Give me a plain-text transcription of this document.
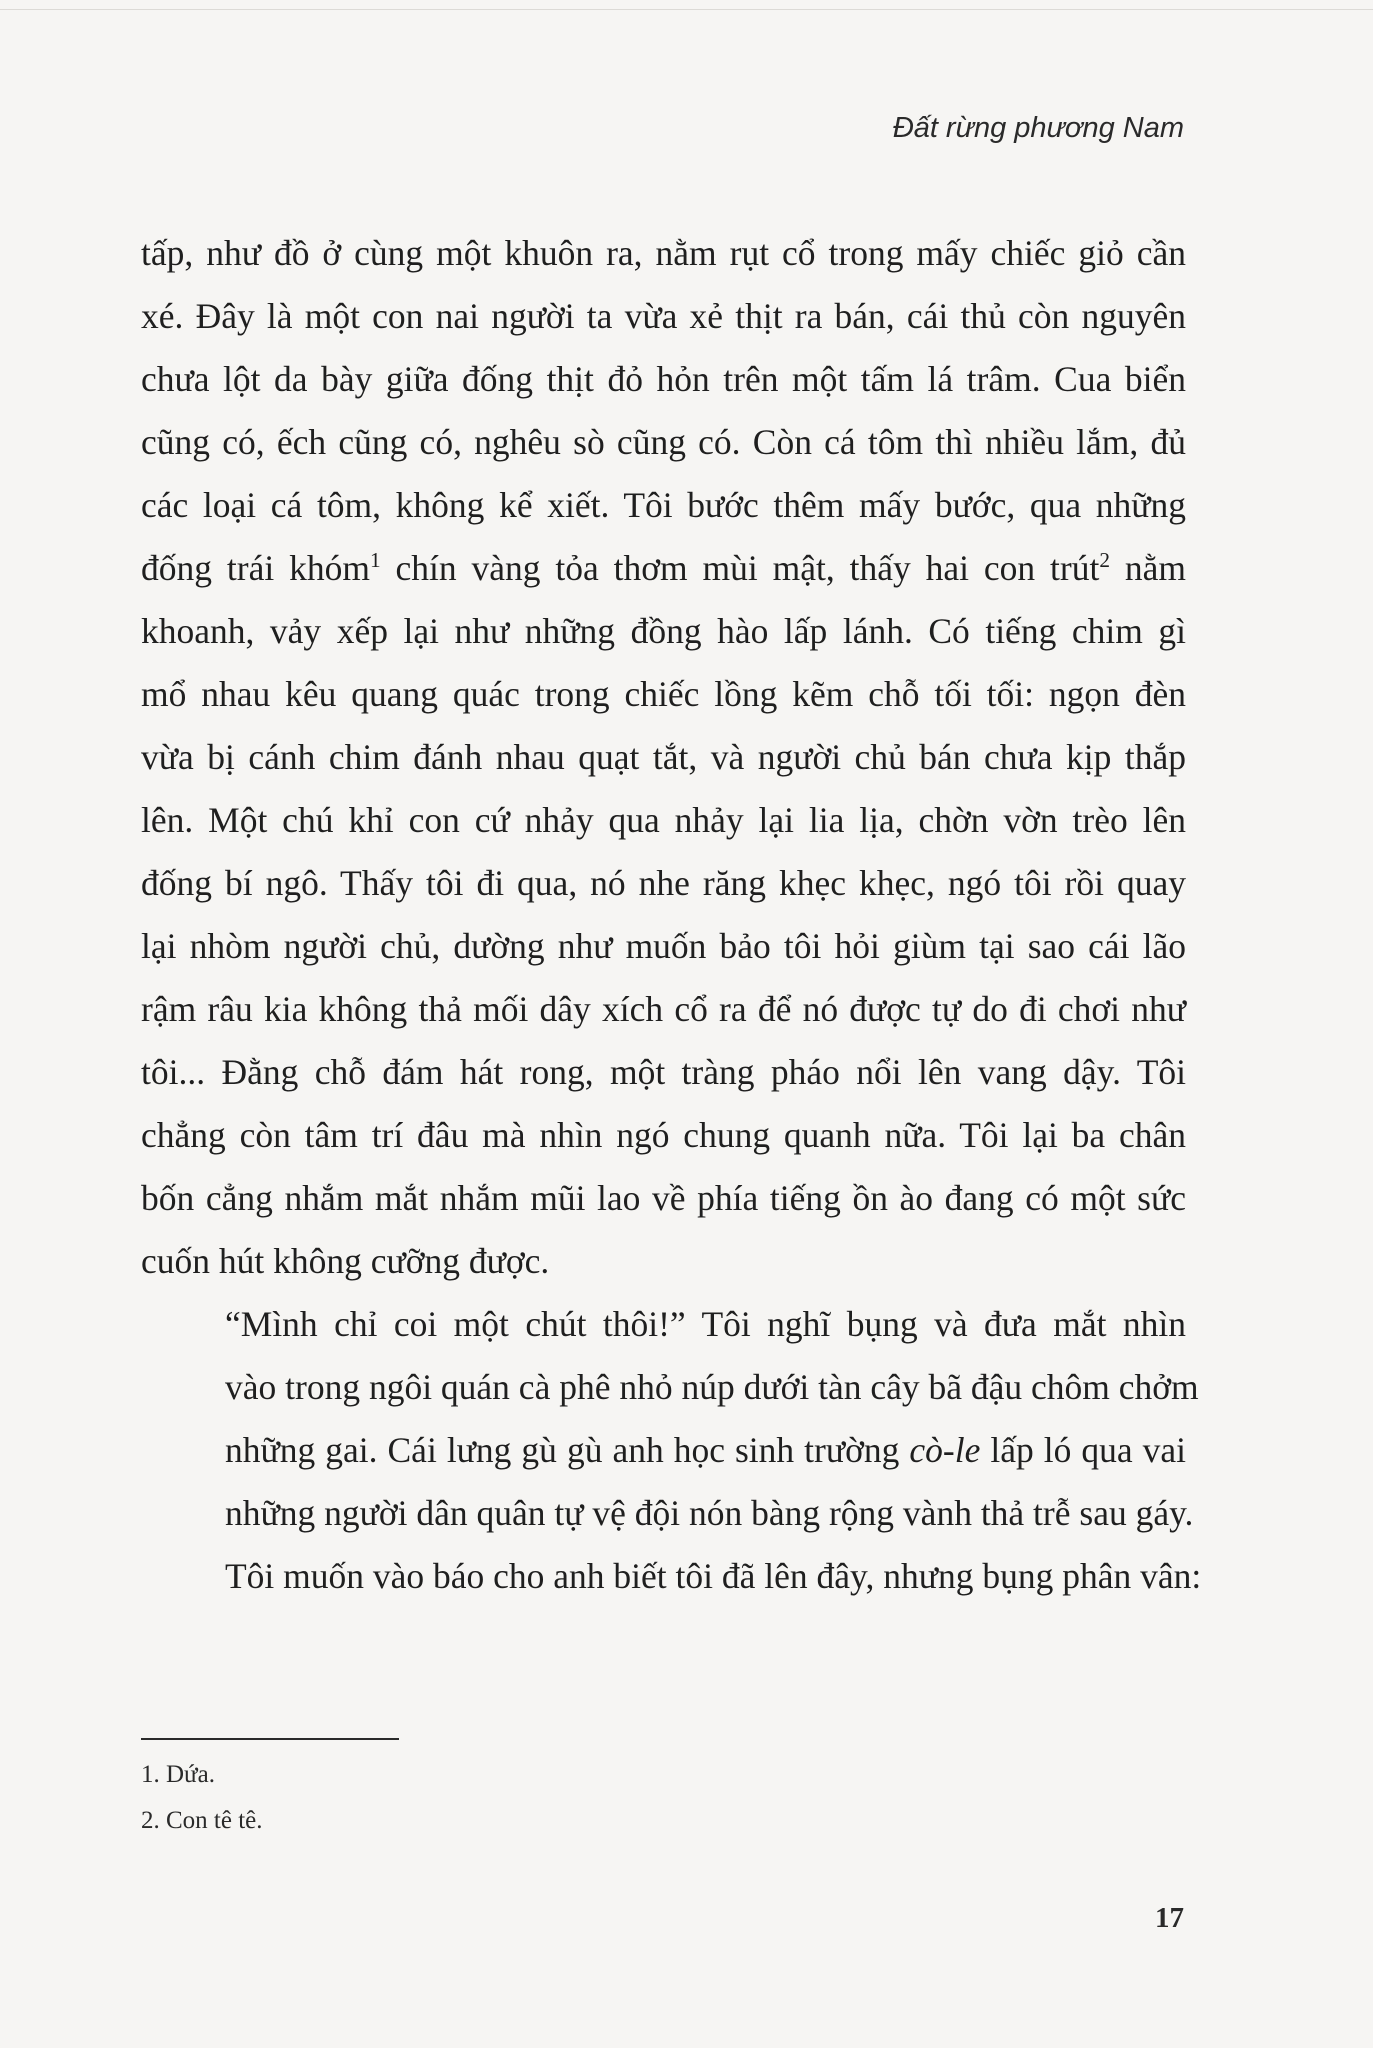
Đất rừng phương Nam

tấp, như đồ ở cùng một khuôn ra, nằm rụt cổ trong mấy chiếc giỏ cần
xé. Đây là một con nai người ta vừa xẻ thịt ra bán, cái thủ còn nguyên
chưa lột da bày giữa đống thịt đỏ hỏn trên một tấm lá trâm. Cua biển
cũng có, ếch cũng có, nghêu sò cũng có. Còn cá tôm thì nhiều lắm, đủ
các loại cá tôm, không kể xiết. Tôi bước thêm mấy bước, qua những
đống trái khóm$^1$ chín vàng tỏa thơm mùi mật, thấy hai con trút$^2$ nằm
khoanh, vảy xếp lại như những đồng hào lấp lánh. Có tiếng chim gì
mổ nhau kêu quang quác trong chiếc lồng kẽm chỗ tối tối: ngọn đèn
vừa bị cánh chim đánh nhau quạt tắt, và người chủ bán chưa kịp thắp
lên. Một chú khỉ con cứ nhảy qua nhảy lại lia lịa, chờn vờn trèo lên
đống bí ngô. Thấy tôi đi qua, nó nhe răng khẹc khẹc, ngó tôi rồi quay
lại nhòm người chủ, dường như muốn bảo tôi hỏi giùm tại sao cái lão
rậm râu kia không thả mối dây xích cổ ra để nó được tự do đi chơi như
tôi... Đằng chỗ đám hát rong, một tràng pháo nổi lên vang dậy. Tôi
chẳng còn tâm trí đâu mà nhìn ngó chung quanh nữa. Tôi lại ba chân
bốn cẳng nhắm mắt nhắm mũi lao về phía tiếng ồn ào đang có một sức
cuốn hút không cưỡng được.

“Mình chỉ coi một chút thôi!” Tôi nghĩ bụng và đưa mắt nhìn
vào trong ngôi quán cà phê nhỏ núp dưới tàn cây bã đậu chôm chởm
những gai. Cái lưng gù gù anh học sinh trường cò-le lấp ló qua vai
những người dân quân tự vệ đội nón bàng rộng vành thả trễ sau gáy.
Tôi muốn vào báo cho anh biết tôi đã lên đây, nhưng bụng phân vân:

1. Dứa.
2. Con tê tê.
17
